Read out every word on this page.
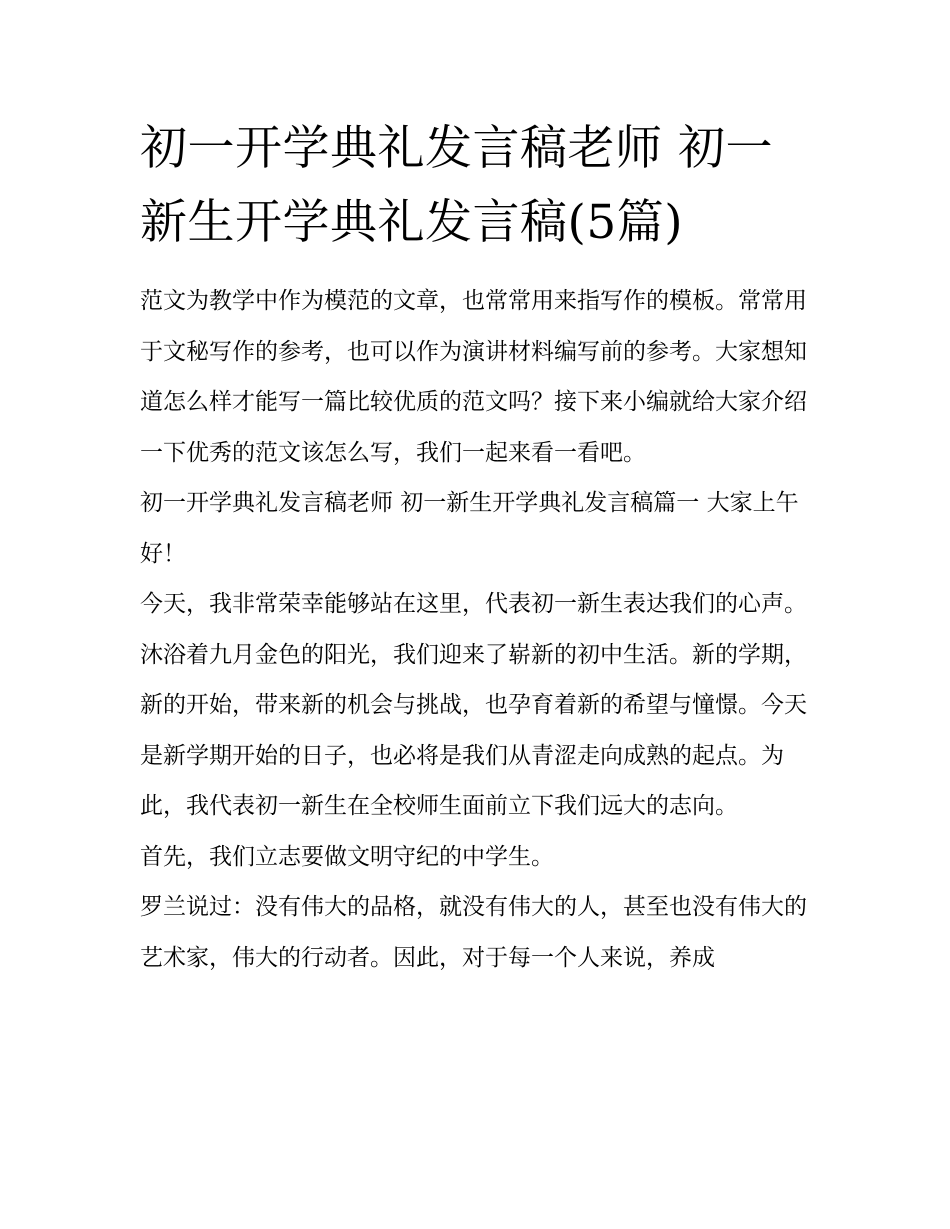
初一开学典礼发言稿老师 初一新生开学典礼发言稿(5篇)

范文为教学中作为模范的文章，也常常用来指写作的模板。常常用于文秘写作的参考，也可以作为演讲材料编写前的参考。大家想知道怎么样才能写一篇比较优质的范文吗？接下来小编就给大家介绍一下优秀的范文该怎么写，我们一起来看一看吧。

初一开学典礼发言稿老师 初一新生开学典礼发言稿篇一 大家上午好！

今天，我非常荣幸能够站在这里，代表初一新生表达我们的心声。沐浴着九月金色的阳光，我们迎来了崭新的初中生活。新的学期，新的开始，带来新的机会与挑战，也孕育着新的希望与憧憬。今天是新学期开始的日子，也必将是我们从青涩走向成熟的起点。为此，我代表初一新生在全校师生面前立下我们远大的志向。

首先，我们立志要做文明守纪的中学生。

罗兰说过：没有伟大的品格，就没有伟大的人，甚至也没有伟大的艺术家，伟大的行动者。因此，对于每一个人来说，养成
